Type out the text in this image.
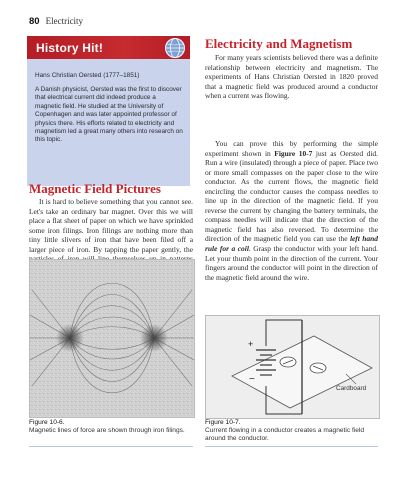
80 Electricity
History Hit!
Hans Christian Oersted (1777–1851)
A Danish physicist, Oersted was the first to discover that electrical current did indeed produce a magnetic field. He studied at the University of Copenhagen and was later appointed professor of physics there. His efforts related to electricity and magnetism led a great many others into research on this topic.
Magnetic Field Pictures
It is hard to believe something that you cannot see. Let's take an ordinary bar magnet. Over this we will place a flat sheet of paper on which we have sprinkled some iron filings. Iron filings are nothing more than tiny little slivers of iron that have been filed off a larger piece of iron. By tapping the paper gently, the
Electricity and Magnetism
For many years scientists believed there was a definite relationship between electricity and magnetism. The experiments of Hans Christian Oersted in 1820 proved that a magnetic field was produced around a conductor when a current was flowing.
You can prove this by performing the simple experiment shown in Figure 10-7 just as Oersted did. Run a wire (insulated) through a piece of paper. Place two or more small compasses on the paper close to the wire conductor. As the current flows, the magnetic field encircling the conductor causes the compass needles to line up in the direction of the magnetic field. If you reverse the current by changing the battery terminals, the compass needles will indicate that the direction of the magnetic field has also reversed. To determine the direction of the magnetic field you can use the left hand rule for a coil. Grasp the conductor with your left hand. Let your thumb point in the direction of the current. Your fingers around the conductor will point in the direction of the magnetic field around the wire.
+
−
Cardboard
Figure 10-6.
Magnetic lines of force are shown through iron filings.
Figure 10-7.
Current flowing in a conductor creates a magnetic field around the conductor.
